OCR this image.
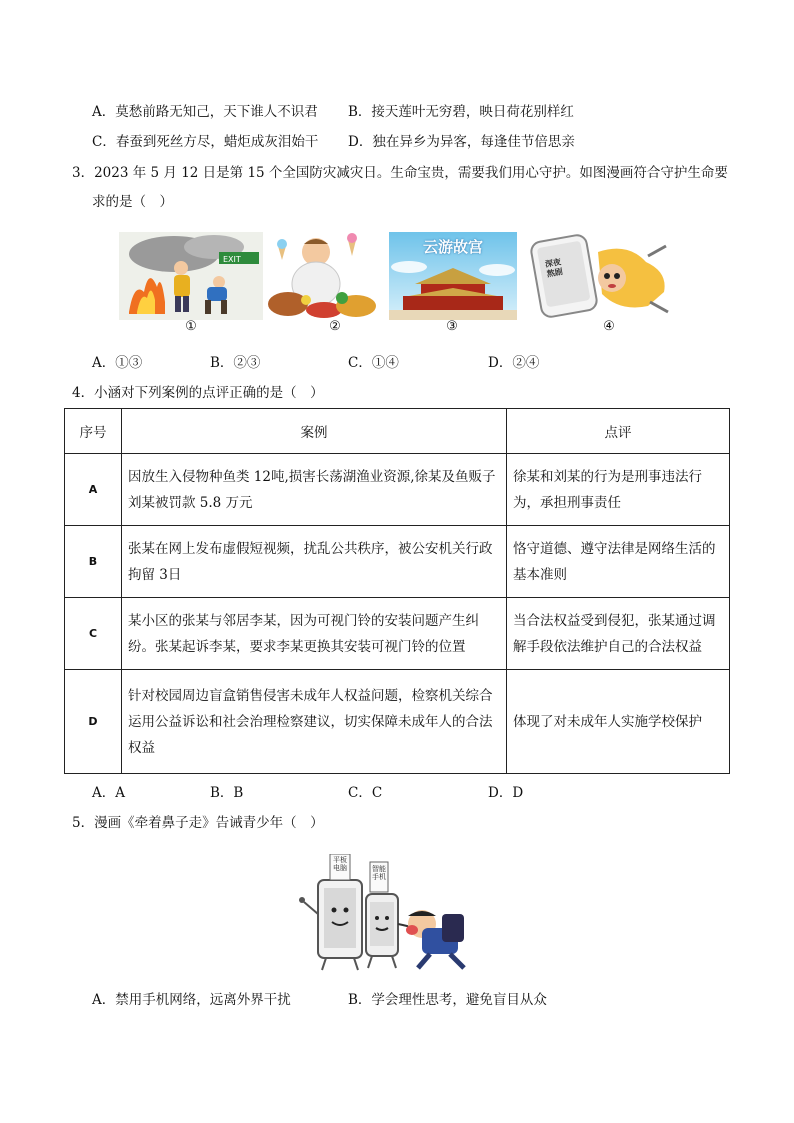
A．莫愁前路无知己，天下谁人不识君 B．接天莲叶无穷碧，映日荷花别样红
C．春蚕到死丝方尽，蜡炬成灰泪始干 D．独在异乡为异客，每逢佳节倍思亲
3．2023 年 5 月 12 日是第 15 个全国防灾减灾日。生命宝贵，需要我们用心守护。如图漫画符合守护生命要
求的是（　）
EXIT
①	②
云游故宫
③
深夜熬剧
④
A．①③	B．②③	C．①④	D．②④
4．小涵对下列案例的点评正确的是（　）
序号	案例	点评
A	因放生入侵物种鱼类 12吨,损害长荡湖渔业资源,徐某及鱼贩子刘某被罚款 5.8 万元	徐某和刘某的行为是刑事违法行为，承担刑事责任
B	张某在网上发布虚假短视频，扰乱公共秩序，被公安机关行政拘留 3日	恪守道德、遵守法律是网络生活的基本准则
C	某小区的张某与邻居李某，因为可视门铃的安装问题产生纠纷。张某起诉李某，要求李某更换其安装可视门铃的位置	当合法权益受到侵犯，张某通过调解手段依法维护自己的合法权益
D	针对校园周边盲盒销售侵害未成年人权益问题，检察机关综合运用公益诉讼和社会治理检察建议，切实保障未成年人的合法权益	体现了对未成年人实施学校保护
A．A	B．B	C．C	D．D
5．漫画《牵着鼻子走》告诫青少年（　）
平板电脑	智能手机
A．禁用手机网络，远离外界干扰	B．学会理性思考，避免盲目从众
